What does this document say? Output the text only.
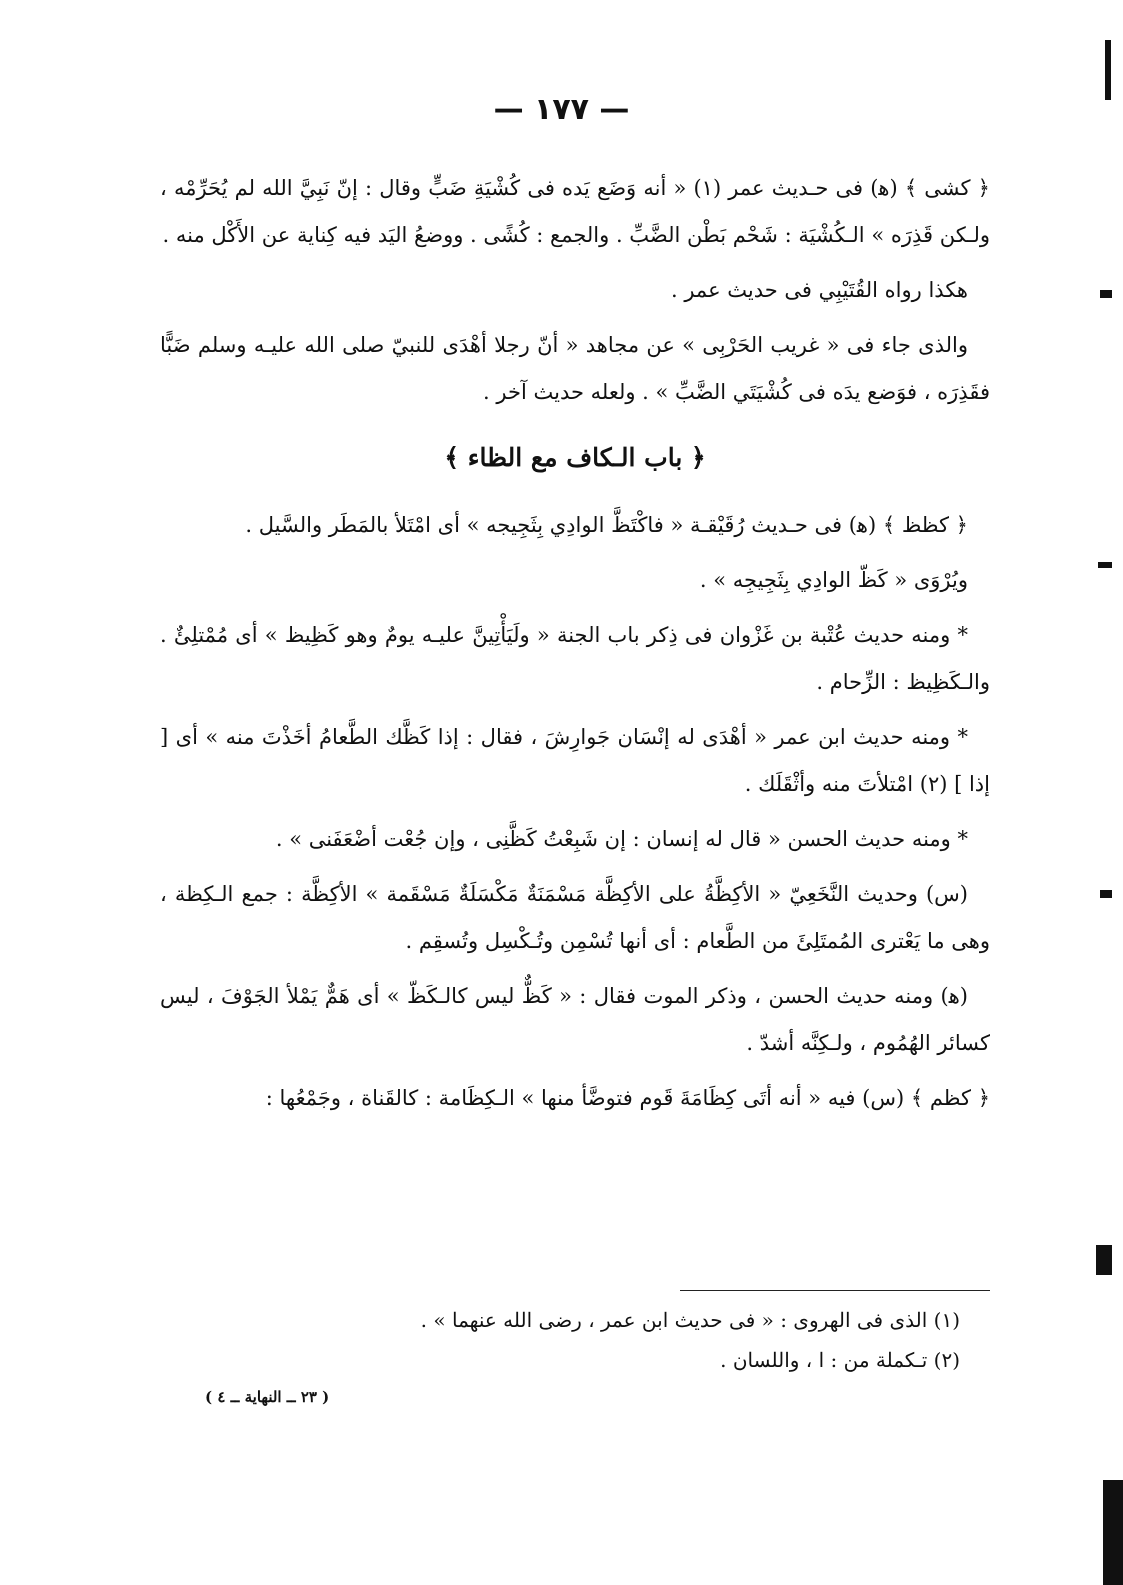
— ١٧٧ —

﴿ كشى ﴾ (ﻫ) فى حـديث عمر (١) « أنه وَضَع يَده فى كُشْيَةِ ضَبٍّ وقال : إنّ نَبِيَّ الله لم يُحَرِّمْه ، ولـكن قَذِرَه » الـكُشْيَة : شَحْم بَطْن الضَّبِّ . والجمع : كُشًى . ووضعُ اليَد فيه كِناية عن الأَكْل منه .

هكذا رواه القُتَيْبِي فى حديث عمر .

والذى جاء فى « غريب الحَرْبِى » عن مجاهد « أنّ رجلا أهْدَى للنبيّ صلى الله عليـه وسلم ضَبًّا فقَذِرَه ، فوَضع يدَه فى كُشْيَتَي الضَّبِّ » . ولعله حديث آخر .

﴿ باب الـكاف مع الظاء ﴾

﴿ كظظ ﴾ (ﻫ) فى حـديث رُقَيْقـة « فاكْتَظَّ الوادِي بِثَجِيجه » أى امْتَلأ بالمَطَر والسَّيل .

ويُرْوَى « كَظّ الوادِي بِثَجِيجِه » .

* ومنه حديث عُتْبة بن غَزْوان فى ذِكر باب الجنة « ولَيَأْتِينَّ عليـه يومٌ وهو كَظِيظ » أى مُمْتلِئٌ . والـكَظِيظ : الزِّحام .

* ومنه حديث ابن عمر « أهْدَى له إنْسَان جَوارِشَ ، فقال : إذا كَظَّك الطَّعامُ أخَذْتَ منه » أى [ إذا ] (٢) امْتلأتَ منه وأثْقَلَك .

* ومنه حديث الحسن « قال له إنسان : إن شَبِعْتُ كَظَّنِى ، وإن جُعْت أضْعَفَنى » .

(س) وحديث النَّخَعِيّ « الأكِظَّةُ على الأكِظَّة مَسْمَنَةٌ مَكْسَلَةٌ مَسْقَمة » الأكِظَّة : جمع الـكِظة ، وهى ما يَعْترى المُمتَلِئَ من الطَّعام : أى أنها تُسْمِن وتُـكْسِل وتُسقِم .

(ﻫ) ومنه حديث الحسن ، وذكر الموت فقال : « كَظٌّ ليس كالـكَظّ » أى هَمٌّ يَمْلأ الجَوْفَ ، ليس كسائر الهُمُوم ، ولـكِنَّه أشدّ .

﴿ كظم ﴾ (س) فيه « أنه أتَى كِظَامَةَ قَوم فتوضَّأ منها » الـكِظَامة : كالقَناة ، وجَمْعُها :

(١) الذى فى الهروى : « فى حديث ابن عمر ، رضى الله عنهما » .

(٢) تـكملة من : ا ، واللسان .

( ٢٣ ــ النهاية ــ ٤ )
